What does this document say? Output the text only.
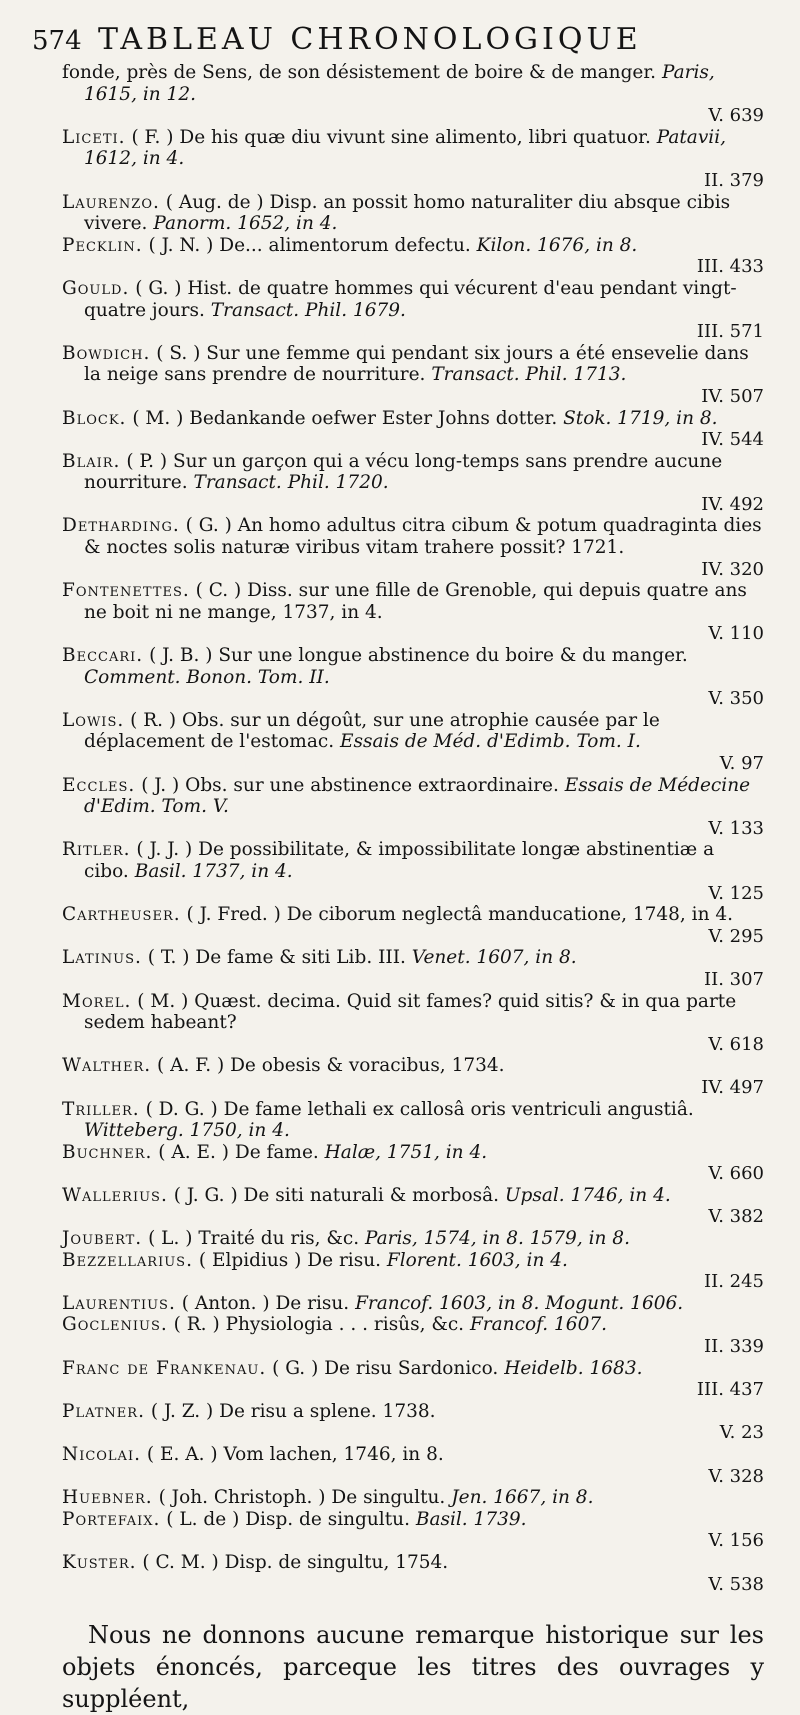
574 TABLEAU CHRONOLOGIQUE
fonde, près de Sens, de son désistement de boire & de manger. Paris, 1615, in 12.
V. 639
Liceti. ( F. ) De his quæ diu vivunt sine alimento, libri quatuor. Patavii, 1612, in 4.
II. 379
Laurenzo. ( Aug. de ) Disp. an possit homo naturaliter diu absque cibis vivere. Panorm. 1652, in 4.
Pecklin. ( J. N. ) De... alimentorum defectu. Kilon. 1676, in 8.
III. 433
Gould. ( G. ) Hist. de quatre hommes qui vécurent d'eau pendant vingt-quatre jours. Transact. Phil. 1679.
III. 571
Bowdich. ( S. ) Sur une femme qui pendant six jours a été ensevelie dans la neige sans prendre de nourriture. Transact. Phil. 1713.
IV. 507
Block. ( M. ) Bedankande oefwer Ester Johns dotter. Stok. 1719, in 8.
IV. 544
Blair. ( P. ) Sur un garçon qui a vécu long-temps sans prendre aucune nourriture. Transact. Phil. 1720.
IV. 492
Detharding. ( G. ) An homo adultus citra cibum & potum quadraginta dies & noctes solis naturæ viribus vitam trahere possit? 1721.
IV. 320
Fontenettes. ( C. ) Diss. sur une fille de Grenoble, qui depuis quatre ans ne boit ni ne mange, 1737, in 4.
V. 110
Beccari. ( J. B. ) Sur une longue abstinence du boire & du manger. Comment. Bonon. Tom. II.
V. 350
Lowis. ( R. ) Obs. sur un dégoût, sur une atrophie causée par le déplacement de l'estomac. Essais de Méd. d'Edimb. Tom. I.
V. 97
Eccles. ( J. ) Obs. sur une abstinence extraordinaire. Essais de Médecine d'Edim. Tom. V.
V. 133
Ritler. ( J. J. ) De possibilitate, & impossibilitate longæ abstinentiæ a cibo. Basil. 1737, in 4.
V. 125
Cartheuser. ( J. Fred. ) De ciborum neglectâ manducatione, 1748, in 4.
V. 295
Latinus. ( T. ) De fame & siti Lib. III. Venet. 1607, in 8.
II. 307
Morel. ( M. ) Quæst. decima. Quid sit fames? quid sitis? & in qua parte sedem habeant?
V. 618
Walther. ( A. F. ) De obesis & voracibus, 1734.
IV. 497
Triller. ( D. G. ) De fame lethali ex callosâ oris ventriculi angustiâ. Witteberg. 1750, in 4.
Buchner. ( A. E. ) De fame. Halæ, 1751, in 4.
V. 660
Wallerius. ( J. G. ) De siti naturali & morbosâ. Upsal. 1746, in 4.
V. 382
Joubert. ( L. ) Traité du ris, &c. Paris, 1574, in 8. 1579, in 8.
Bezzellarius. ( Elpidius ) De risu. Florent. 1603, in 4.
II. 245
Laurentius. ( Anton. ) De risu. Francof. 1603, in 8. Mogunt. 1606.
Goclenius. ( R. ) Physiologia . . . risûs, &c. Francof. 1607.
II. 339
Franc de Frankenau. ( G. ) De risu Sardonico. Heidelb. 1683.
III. 437
Platner. ( J. Z. ) De risu a splene. 1738.
V. 23
Nicolai. ( E. A. ) Vom lachen, 1746, in 8.
V. 328
Huebner. ( Joh. Christoph. ) De singultu. Jen. 1667, in 8.
Portefaix. ( L. de ) Disp. de singultu. Basil. 1739.
V. 156
Kuster. ( C. M. ) Disp. de singultu, 1754.
V. 538

Nous ne donnons aucune remarque historique sur les objets énoncés, parceque les titres des ouvrages y suppléent,
